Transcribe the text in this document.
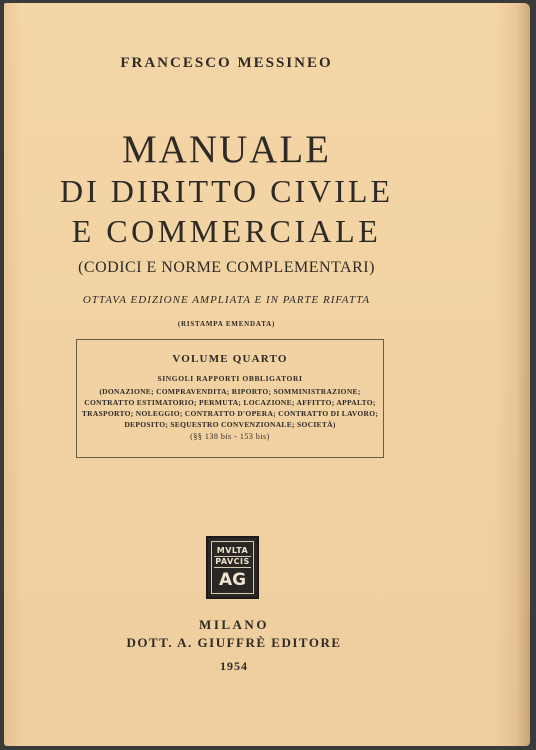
FRANCESCO MESSINEO
MANUALE
DI DIRITTO CIVILE
E COMMERCIALE
(CODICI E NORME COMPLEMENTARI)
OTTAVA EDIZIONE AMPLIATA E IN PARTE RIFATTA
(RISTAMPA EMENDATA)
VOLUME QUARTO
SINGOLI RAPPORTI OBBLIGATORI
(DONAZIONE; COMPRAVENDITA; RIPORTO; SOMMINISTRAZIONE;
CONTRATTO ESTIMATORIO; PERMUTA; LOCAZIONE; AFFITTO; APPALTO;
TRASPORTO; NOLEGGIO; CONTRATTO D'OPERA; CONTRATTO DI LAVORO;
DEPOSITO; SEQUESTRO CONVENZIONALE; SOCIETÀ)
(§§ 138 bis - 153 bis)
MVLTA
PAVCIS
AG
MILANO
DOTT. A. GIUFFRÈ EDITORE
1954
